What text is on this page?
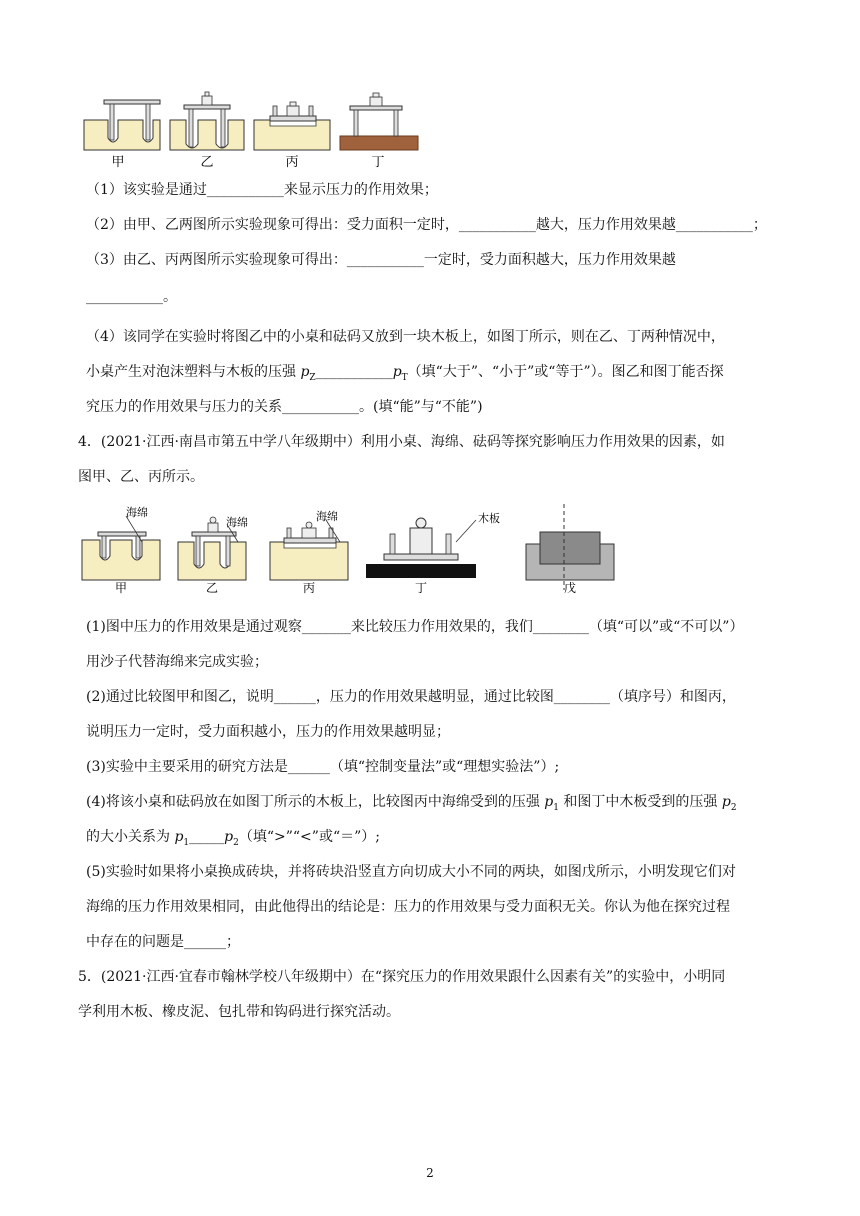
甲	乙	丙	丁
（1）该实验是通过___________来显示压力的作用效果；
（2）由甲、乙两图所示实验现象可得出：受力面积一定时，___________越大，压力作用效果越___________；
（3）由乙、丙两图所示实验现象可得出：___________一定时，受力面积越大，压力作用效果越
___________。
（4）该同学在实验时将图乙中的小桌和砝码又放到一块木板上，如图丁所示，则在乙、丁两种情况中，
小桌产生对泡沫塑料与木板的压强 $p_Z\_\_\_\_\_\_\_\_\_\_\_p_T$（填“大于”、“小于”或“等于”）。图乙和图丁能否探
究压力的作用效果与压力的关系___________。(填“能”与“不能”)
4．(2021·江西·南昌市第五中学八年级期中）利用小桌、海绵、砝码等探究影响压力作用效果的因素，如
图甲、乙、丙所示。
海绵
海绵	海绵	木板
甲	乙	丙	丁	戊
(1)图中压力的作用效果是通过观察_______来比较压力作用效果的，我们________（填“可以”或“不可以”）
用沙子代替海绵来完成实验；
(2)通过比较图甲和图乙，说明______，压力的作用效果越明显，通过比较图________（填序号）和图丙，
说明压力一定时，受力面积越小，压力的作用效果越明显；
(3)实验中主要采用的研究方法是______（填“控制变量法”或“理想实验法”）;
(4)将该小桌和砝码放在如图丁所示的木板上，比较图丙中海绵受到的压强 $p_1$ 和图丁中木板受到的压强 $p_2$
的大小关系为 $p_1\_\_\_\_\_p_2$（填“>”“<”或“＝”）;
(5)实验时如果将小桌换成砖块，并将砖块沿竖直方向切成大小不同的两块，如图戊所示，小明发现它们对
海绵的压力作用效果相同，由此他得出的结论是：压力的作用效果与受力面积无关。你认为他在探究过程
中存在的问题是______；
5．(2021·江西·宜春市翰林学校八年级期中）在“探究压力的作用效果跟什么因素有关”的实验中，小明同
学利用木板、橡皮泥、包扎带和钩码进行探究活动。
2
